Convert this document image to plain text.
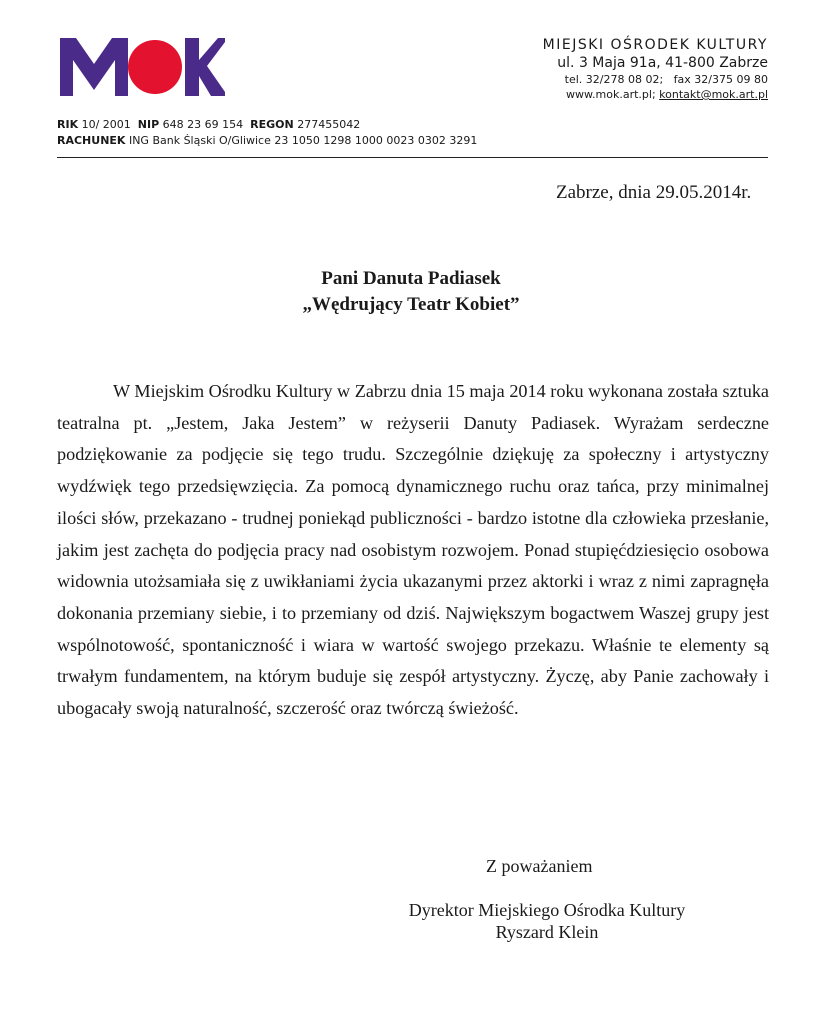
MIEJSKI OŚRODEK KULTURY
ul. 3 Maja 91a, 41-800 Zabrze
tel. 32/278 08 02;   fax 32/375 09 80
www.mok.art.pl; kontakt@mok.art.pl
RIK 10/ 2001 NIP 648 23 69 154 REGON 277455042
RACHUNEK ING Bank Śląski O/Gliwice 23 1050 1298 1000 0023 0302 3291
Zabrze, dnia 29.05.2014r.
Pani Danuta Padiasek
„Wędrujący Teatr Kobiet”
W Miejskim Ośrodku Kultury w Zabrzu dnia 15 maja 2014 roku wykonana została sztuka teatralna pt. „Jestem, Jaka Jestem” w reżyserii Danuty Padiasek. Wyrażam serdeczne podziękowanie za podjęcie się tego trudu. Szczególnie dziękuję za społeczny i artystyczny wydźwięk tego przedsięwzięcia. Za pomocą dynamicznego ruchu oraz tańca, przy minimalnej ilości słów, przekazano - trudnej poniekąd publiczności - bardzo istotne dla człowieka przesłanie, jakim jest zachęta do podjęcia pracy nad osobistym rozwojem. Ponad stupięćdziesięcio osobowa widownia utożsamiała się z uwikłaniami życia ukazanymi przez aktorki i wraz z nimi zapragnęła dokonania przemiany siebie, i to przemiany od dziś. Największym bogactwem Waszej grupy jest wspólnotowość, spontaniczność i wiara w wartość swojego przekazu. Właśnie te elementy są trwałym fundamentem, na którym buduje się zespół artystyczny. Życzę, aby Panie zachowały i ubogacały swoją naturalność, szczerość oraz twórczą świeżość.
Z poważaniem
Dyrektor Miejskiego Ośrodka Kultury
Ryszard Klein
